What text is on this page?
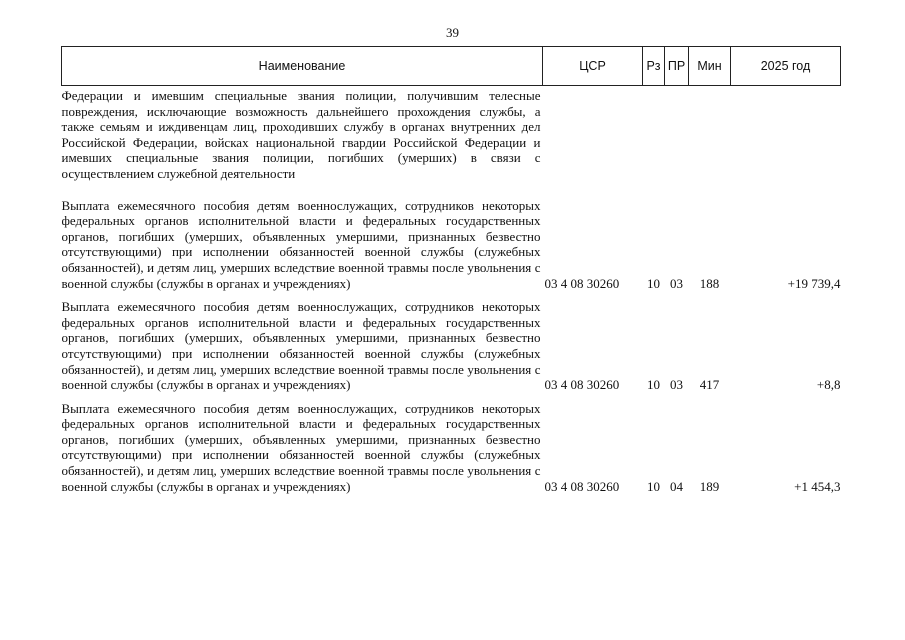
39
Наименование	ЦСР	Рз	ПР	Мин	2025 год
Федерации и имевшим специальные звания полиции, получившим телесные повреждения, исключающие возможность дальнейшего прохождения службы, а также семьям и иждивенцам лиц, проходивших службу в органах внутренних дел Российской Федерации, войсках национальной гвардии Российской Федерации и имевших специальные звания полиции, погибших (умерших) в связи с осуществлением служебной деятельности					
Выплата ежемесячного пособия детям военнослужащих, сотрудников некоторых федеральных органов исполнительной власти и федеральных государственных органов, погибших (умерших, объявленных умершими, признанных безвестно отсутствующими) при исполнении обязанностей военной службы (служебных обязанностей), и детям лиц, умерших вследствие военной травмы после увольнения с военной службы (службы в органах и учреждениях)	03 4 08 30260	10	03	188	+19 739,4
Выплата ежемесячного пособия детям военнослужащих, сотрудников некоторых федеральных органов исполнительной власти и федеральных государственных органов, погибших (умерших, объявленных умершими, признанных безвестно отсутствующими) при исполнении обязанностей военной службы (служебных обязанностей), и детям лиц, умерших вследствие военной травмы после увольнения с военной службы (службы в органах и учреждениях)	03 4 08 30260	10	03	417	+8,8
Выплата ежемесячного пособия детям военнослужащих, сотрудников некоторых федеральных органов исполнительной власти и федеральных государственных органов, погибших (умерших, объявленных умершими, признанных безвестно отсутствующими) при исполнении обязанностей военной службы (служебных обязанностей), и детям лиц, умерших вследствие военной травмы после увольнения с военной службы (службы в органах и учреждениях)	03 4 08 30260	10	04	189	+1 454,3
